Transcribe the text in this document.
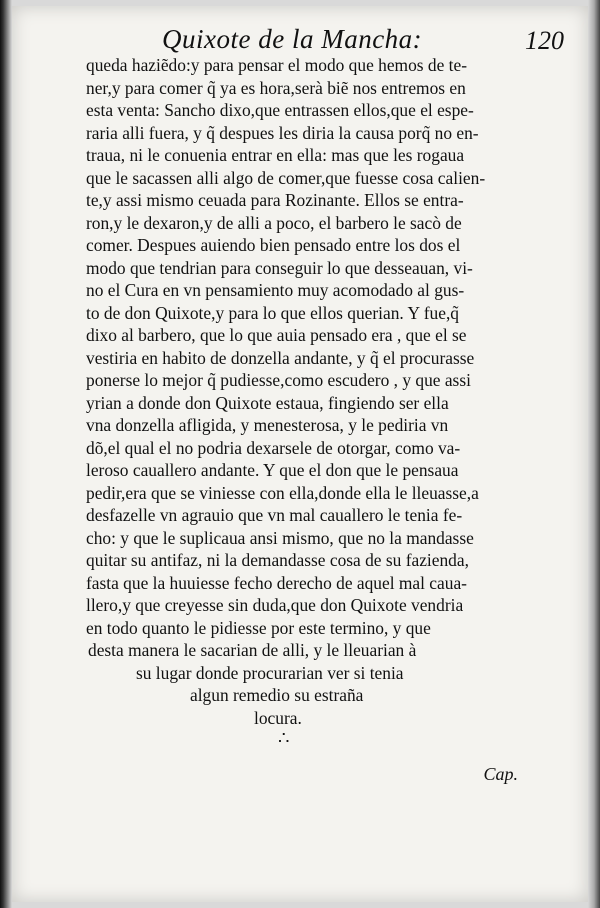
Quixote de la Mancha:	120
queda haziẽdo:y para pensar el modo que hemos de te-
ner,y para comer q̃ ya es hora,serà biẽ nos entremos en
esta venta: Sancho dixo,que entrassen ellos,que el espe-
raria alli fuera, y q̃ despues les diria la causa porq̃ no en-
traua, ni le conuenia entrar en ella: mas que les rogaua
que le sacassen alli algo de comer,que fuesse cosa calien-
te,y assi mismo ceuada para Rozinante. Ellos se entra-
ron,y le dexaron,y de alli a poco, el barbero le sacò de
comer. Despues auiendo bien pensado entre los dos el
modo que tendrian para conseguir lo que desseauan, vi-
no el Cura en vn pensamiento muy acomodado al gus-
to de don Quixote,y para lo que ellos querian. Y fue,q̃
dixo al barbero, que lo que auia pensado era , que el se
vestiria en habito de donzella andante, y q̃ el procurasse
ponerse lo mejor q̃ pudiesse,como escudero , y que assi
yrian a donde don Quixote estaua, fingiendo ser ella
vna donzella afligida, y menesterosa, y le pediria vn
dõ,el qual el no podria dexarsele de otorgar, como va-
leroso cauallero andante. Y que el don que le pensaua
pedir,era que se viniesse con ella,donde ella le lleuasse,a
desfazelle vn agrauio que vn mal cauallero le tenia fe-
cho: y que le suplicaua ansi mismo, que no la mandasse
quitar su antifaz, ni la demandasse cosa de su fazienda,
fasta que la huuiesse fecho derecho de aquel mal caua-
llero,y que creyesse sin duda,que don Quixote vendria
en todo quanto le pidiesse por este termino, y que
desta manera le sacarian de alli, y le lleuarian à
su lugar donde procurarian ver si tenia
algun remedio su estraña
locura.
∴
Cap.
